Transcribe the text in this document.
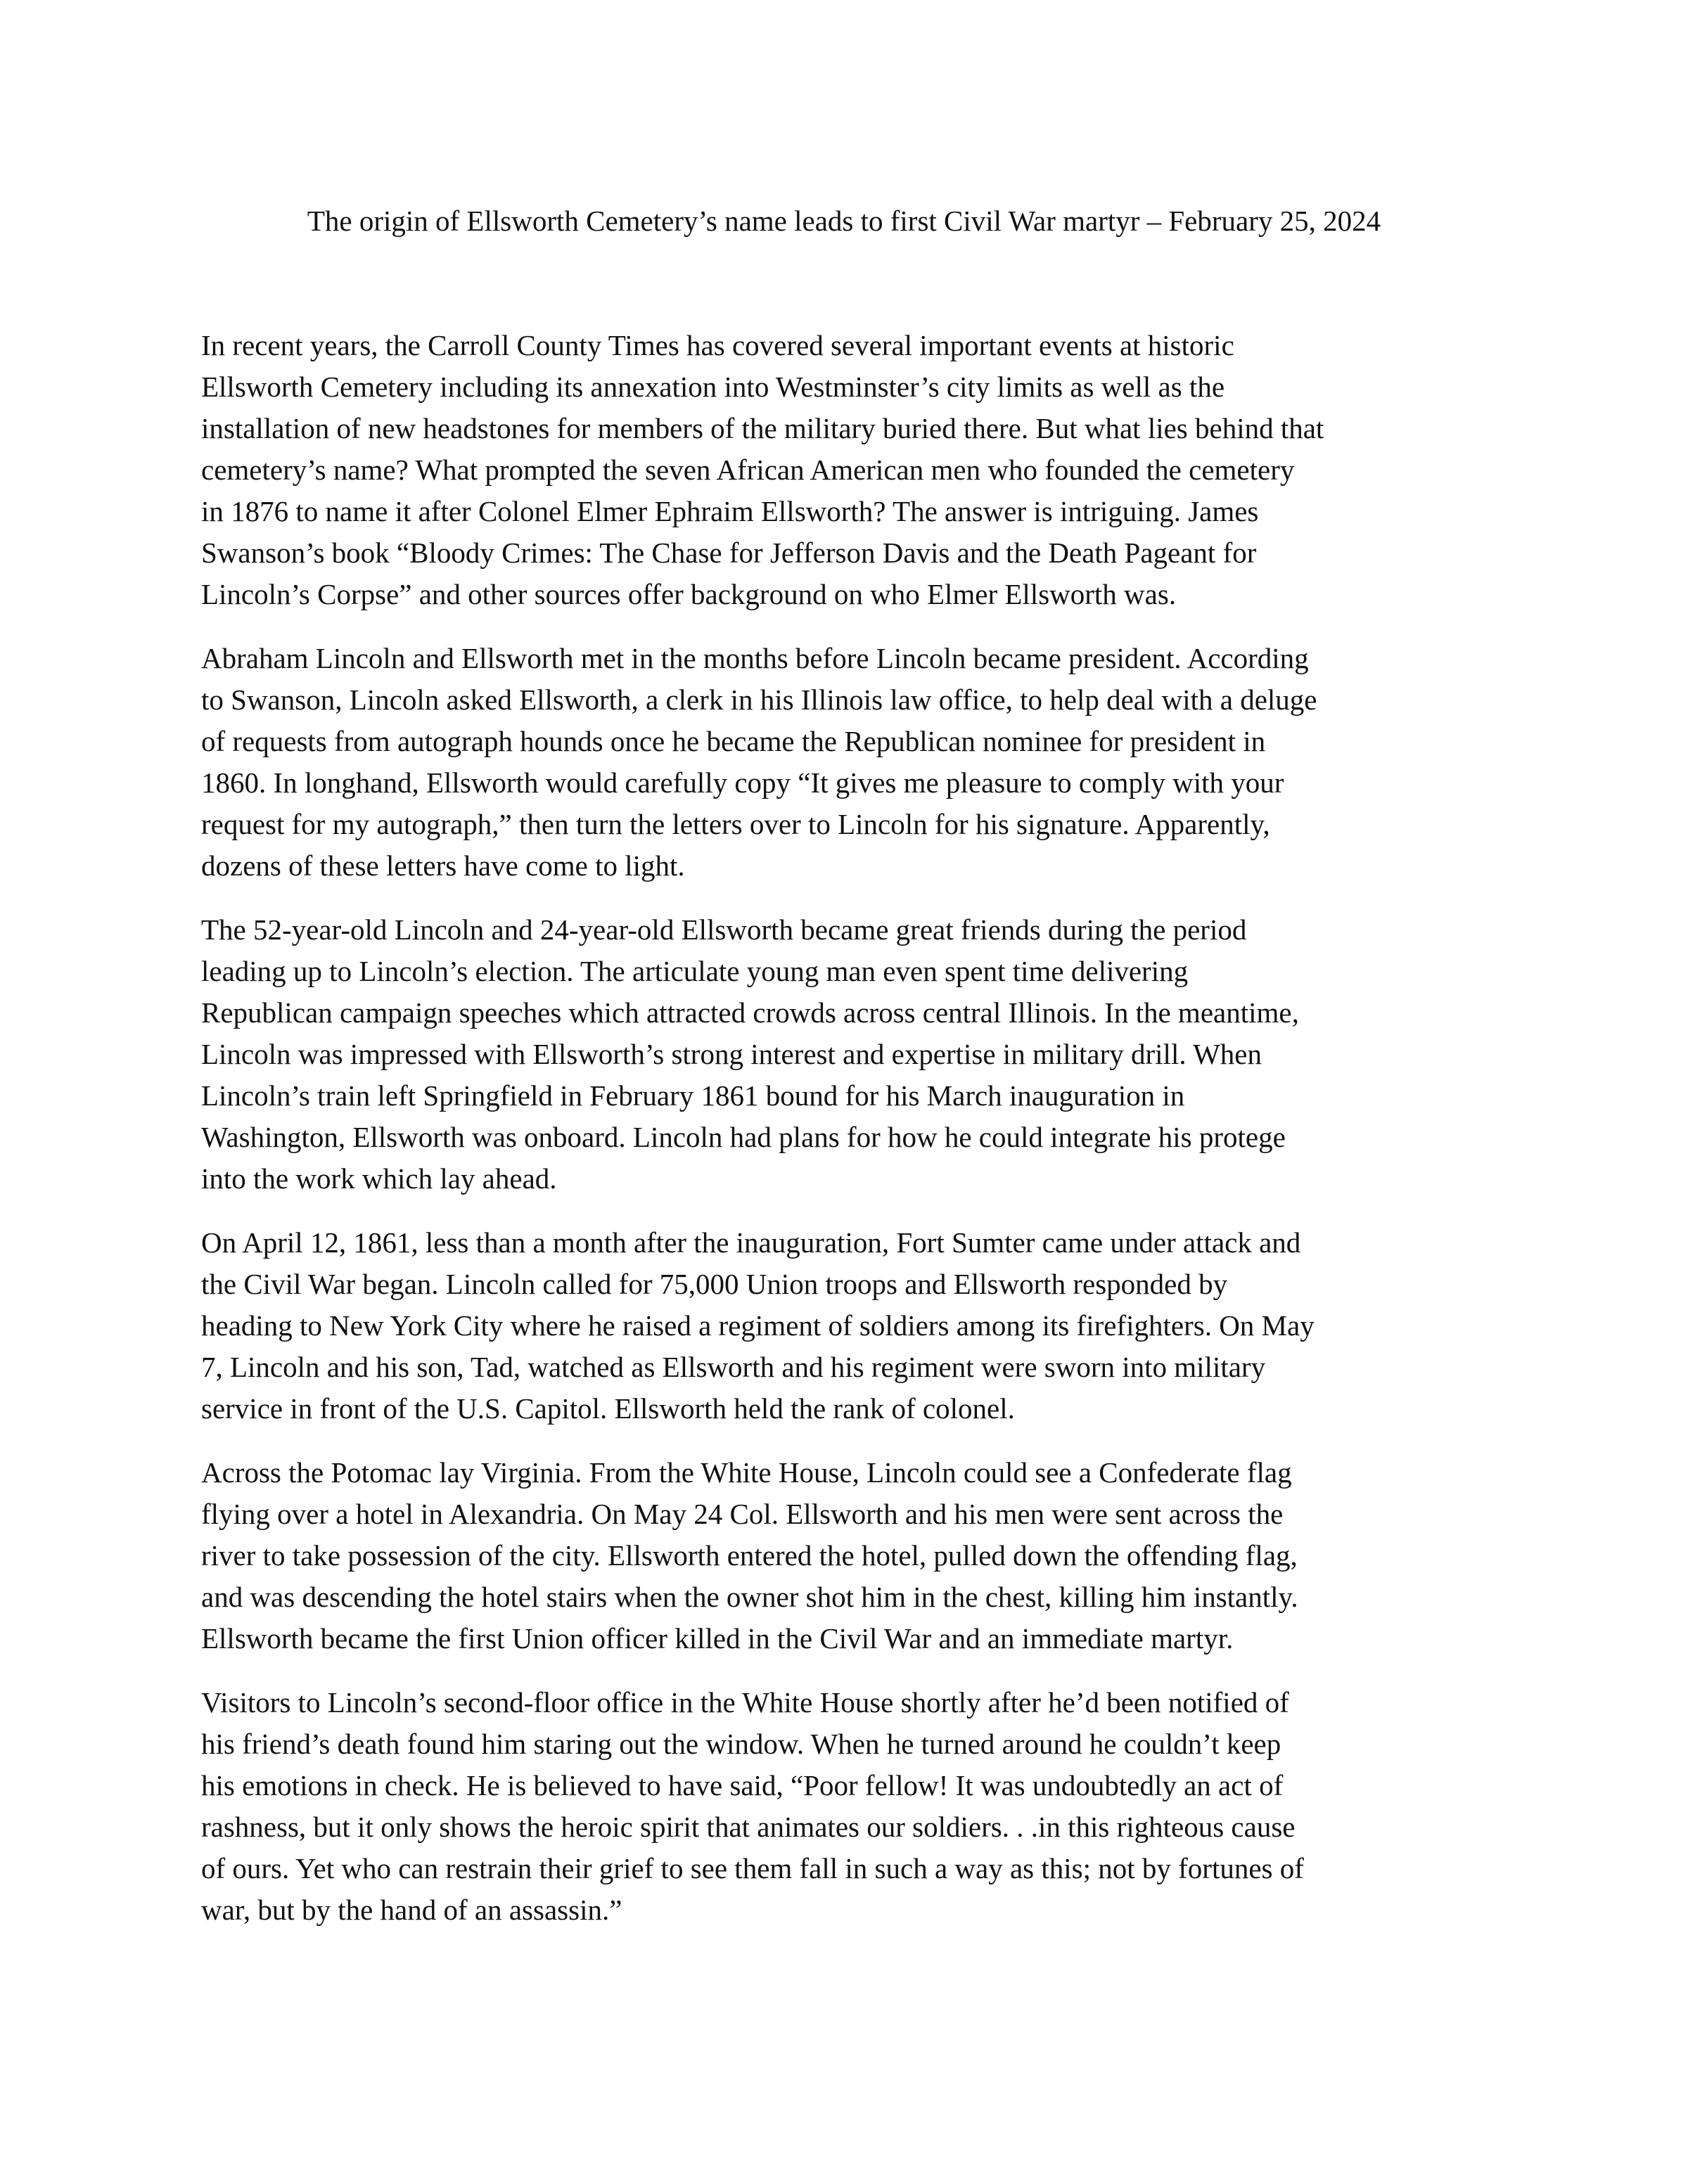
The origin of Ellsworth Cemetery’s name leads to first Civil War martyr – February 25, 2024

In recent years, the Carroll County Times has covered several important events at historic
Ellsworth Cemetery including its annexation into Westminster’s city limits as well as the
installation of new headstones for members of the military buried there. But what lies behind that
cemetery’s name? What prompted the seven African American men who founded the cemetery
in 1876 to name it after Colonel Elmer Ephraim Ellsworth? The answer is intriguing. James
Swanson’s book “Bloody Crimes: The Chase for Jefferson Davis and the Death Pageant for
Lincoln’s Corpse” and other sources offer background on who Elmer Ellsworth was.

Abraham Lincoln and Ellsworth met in the months before Lincoln became president. According
to Swanson, Lincoln asked Ellsworth, a clerk in his Illinois law office, to help deal with a deluge
of requests from autograph hounds once he became the Republican nominee for president in
1860. In longhand, Ellsworth would carefully copy “It gives me pleasure to comply with your
request for my autograph,” then turn the letters over to Lincoln for his signature. Apparently,
dozens of these letters have come to light.

The 52-year-old Lincoln and 24-year-old Ellsworth became great friends during the period
leading up to Lincoln’s election. The articulate young man even spent time delivering
Republican campaign speeches which attracted crowds across central Illinois. In the meantime,
Lincoln was impressed with Ellsworth’s strong interest and expertise in military drill. When
Lincoln’s train left Springfield in February 1861 bound for his March inauguration in
Washington, Ellsworth was onboard. Lincoln had plans for how he could integrate his protege
into the work which lay ahead.

On April 12, 1861, less than a month after the inauguration, Fort Sumter came under attack and
the Civil War began. Lincoln called for 75,000 Union troops and Ellsworth responded by
heading to New York City where he raised a regiment of soldiers among its firefighters. On May
7, Lincoln and his son, Tad, watched as Ellsworth and his regiment were sworn into military
service in front of the U.S. Capitol. Ellsworth held the rank of colonel.

Across the Potomac lay Virginia. From the White House, Lincoln could see a Confederate flag
flying over a hotel in Alexandria. On May 24 Col. Ellsworth and his men were sent across the
river to take possession of the city. Ellsworth entered the hotel, pulled down the offending flag,
and was descending the hotel stairs when the owner shot him in the chest, killing him instantly.
Ellsworth became the first Union officer killed in the Civil War and an immediate martyr.

Visitors to Lincoln’s second-floor office in the White House shortly after he’d been notified of
his friend’s death found him staring out the window. When he turned around he couldn’t keep
his emotions in check. He is believed to have said, “Poor fellow! It was undoubtedly an act of
rashness, but it only shows the heroic spirit that animates our soldiers. . .in this righteous cause
of ours. Yet who can restrain their grief to see them fall in such a way as this; not by fortunes of
war, but by the hand of an assassin.”
